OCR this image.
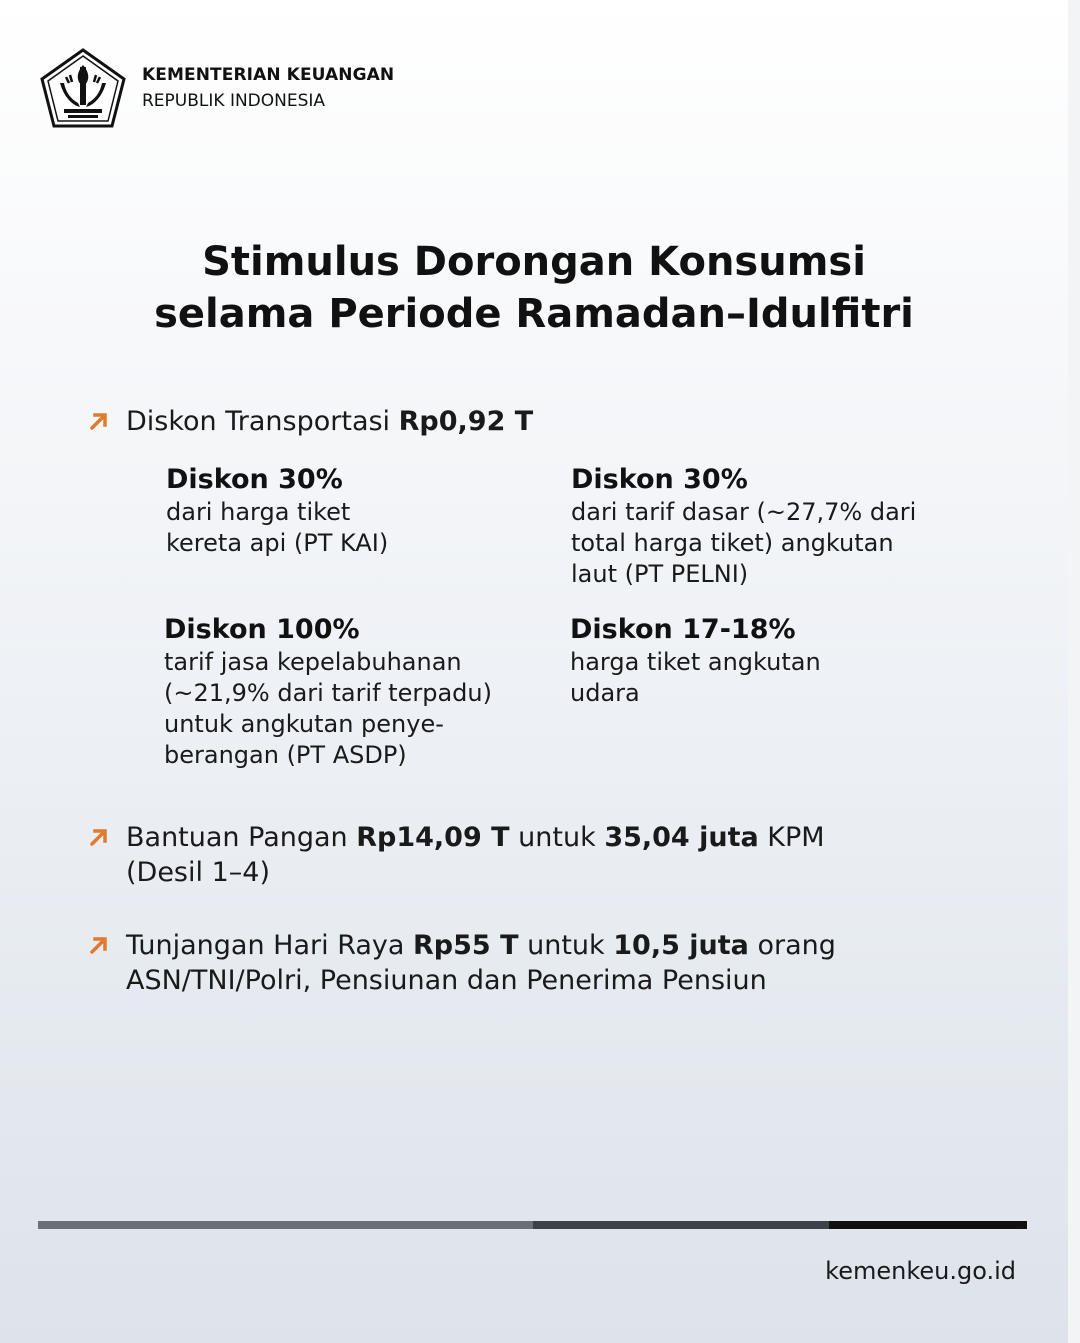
KEMENTERIAN KEUANGAN
REPUBLIK INDONESIA
Stimulus Dorongan Konsumsi
selama Periode Ramadan–Idulfitri
Diskon Transportasi Rp0,92 T
Diskon 30%
dari harga tiket
kereta api (PT KAI)
Diskon 30%
dari tarif dasar (~27,7% dari
total harga tiket) angkutan
laut (PT PELNI)
Diskon 100%
tarif jasa kepelabuhanan
(~21,9% dari tarif terpadu)
untuk angkutan penye-
berangan (PT ASDP)
Diskon 17-18%
harga tiket angkutan
udara
Bantuan Pangan Rp14,09 T untuk 35,04 juta KPM
(Desil 1–4)
Tunjangan Hari Raya Rp55 T untuk 10,5 juta orang
ASN/TNI/Polri, Pensiunan dan Penerima Pensiun
kemenkeu.go.id
